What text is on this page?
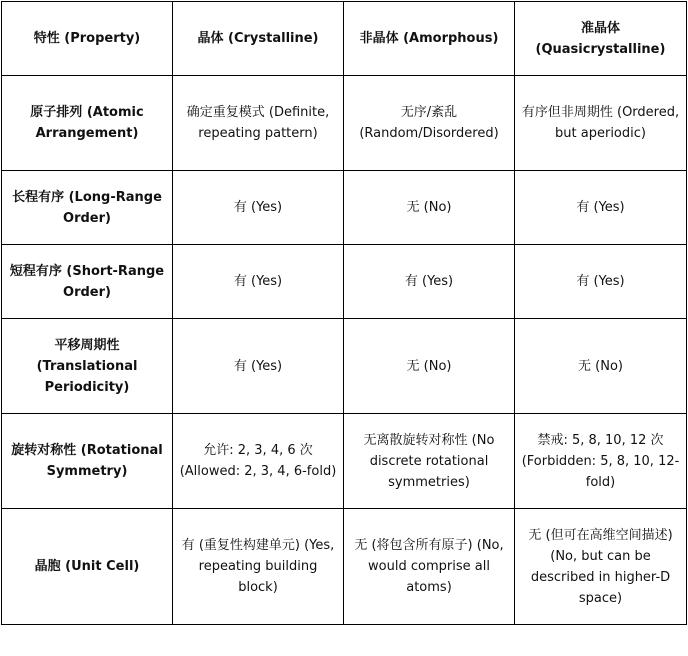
特性 (Property)	晶体 (Crystalline)	非晶体 (Amorphous)	准晶体 (Quasicrystalline)
原子排列 (Atomic Arrangement)	确定重复模式 (Definite, repeating pattern)	无序/紊乱 (Random/Disordered)	有序但非周期性 (Ordered, but aperiodic)
长程有序 (Long-Range Order)	有 (Yes)	无 (No)	有 (Yes)
短程有序 (Short-Range Order)	有 (Yes)	有 (Yes)	有 (Yes)
平移周期性 (Translational Periodicity)	有 (Yes)	无 (No)	无 (No)
旋转对称性 (Rotational Symmetry)	允许: 2, 3, 4, 6 次 (Allowed: 2, 3, 4, 6-fold)	无离散旋转对称性 (No discrete rotational symmetries)	禁戒: 5, 8, 10, 12 次 (Forbidden: 5, 8, 10, 12-fold)
晶胞 (Unit Cell)	有 (重复性构建单元) (Yes, repeating building block)	无 (将包含所有原子) (No, would comprise all atoms)	无 (但可在高维空间描述) (No, but can be described in higher-D space)
